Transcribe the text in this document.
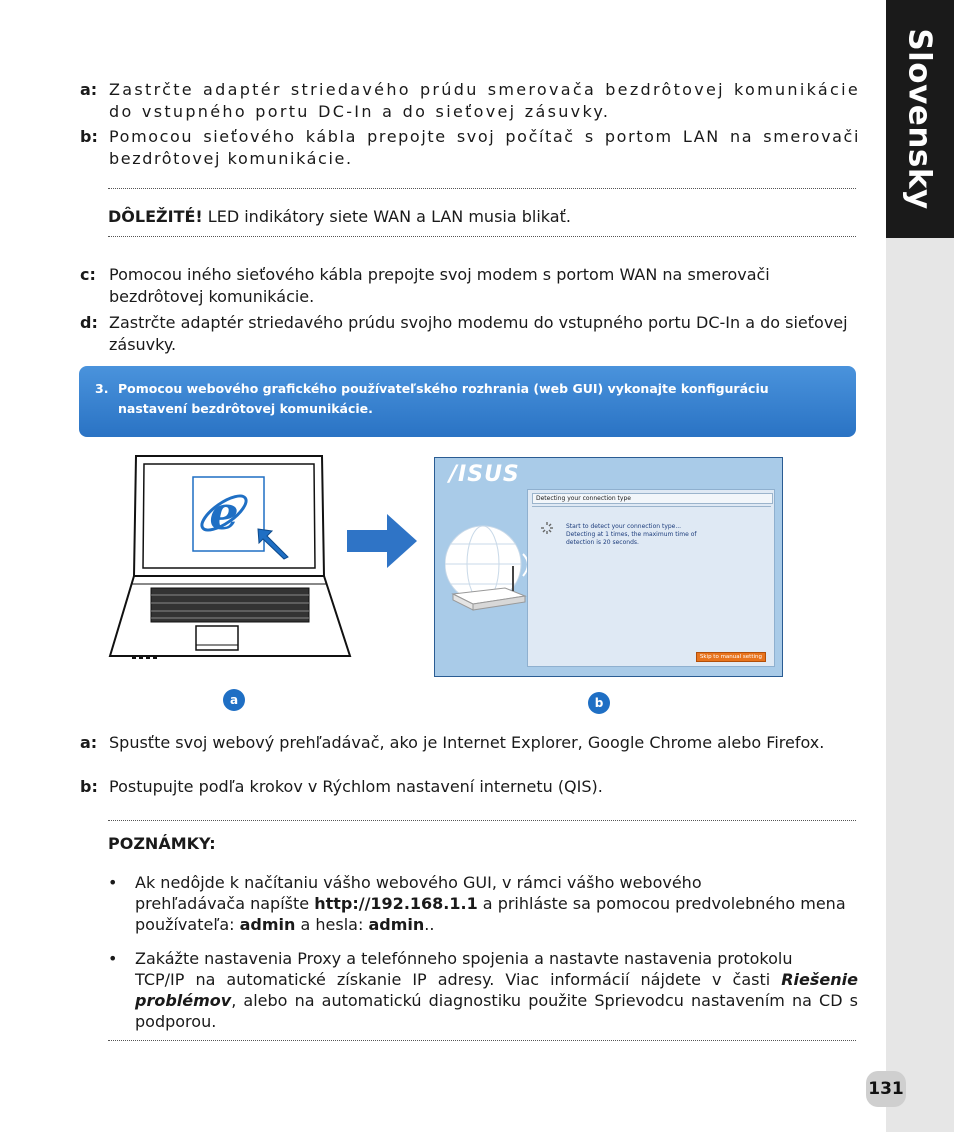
Slovensky
131
a: Zastrčte adaptér striedavého prúdu smerovača bezdrôtovej komunikácie do vstupného portu DC-In a do sieťovej zásuvky.
b: Pomocou sieťového kábla prepojte svoj počítač s portom LAN na smerovači bezdrôtovej komunikácie.
DÔLEŽITÉ! LED indikátory siete WAN a LAN musia blikať.
c: Pomocou iného sieťového kábla prepojte svoj modem s portom WAN na smerovači bezdrôtovej komunikácie.
d: Zastrčte adaptér striedavého prúdu svojho modemu do vstupného portu DC-In a do sieťovej zásuvky.
3. Pomocou webového grafického používateľského rozhrania (web GUI) vykonajte konfiguráciu nastavení bezdrôtovej komunikácie.
e
/ISUS
Detecting your connection type
Start to detect your connection type...
Detecting at 1 times, the maximum time of
detection is 20 seconds.
Skip to manual setting
a	b
a: Spusťte svoj webový prehľadávač, ako je Internet Explorer, Google Chrome alebo Firefox.
b: Postupujte podľa krokov v Rýchlom nastavení internetu (QIS).
POZNÁMKY:
• Ak nedôjde k načítaniu vášho webového GUI, v rámci vášho webového
prehľadávača napíšte http://192.168.1.1 a prihláste sa pomocou predvolebného mena používateľa: admin a hesla: admin..
• Zakážte nastavenia Proxy a telefónneho spojenia a nastavte nastavenia protokolu
TCP/IP na automatické získanie IP adresy. Viac informácií nájdete v časti Riešenie problémov, alebo na automatickú diagnostiku použite Sprievodcu nastavením na CD s podporou.
